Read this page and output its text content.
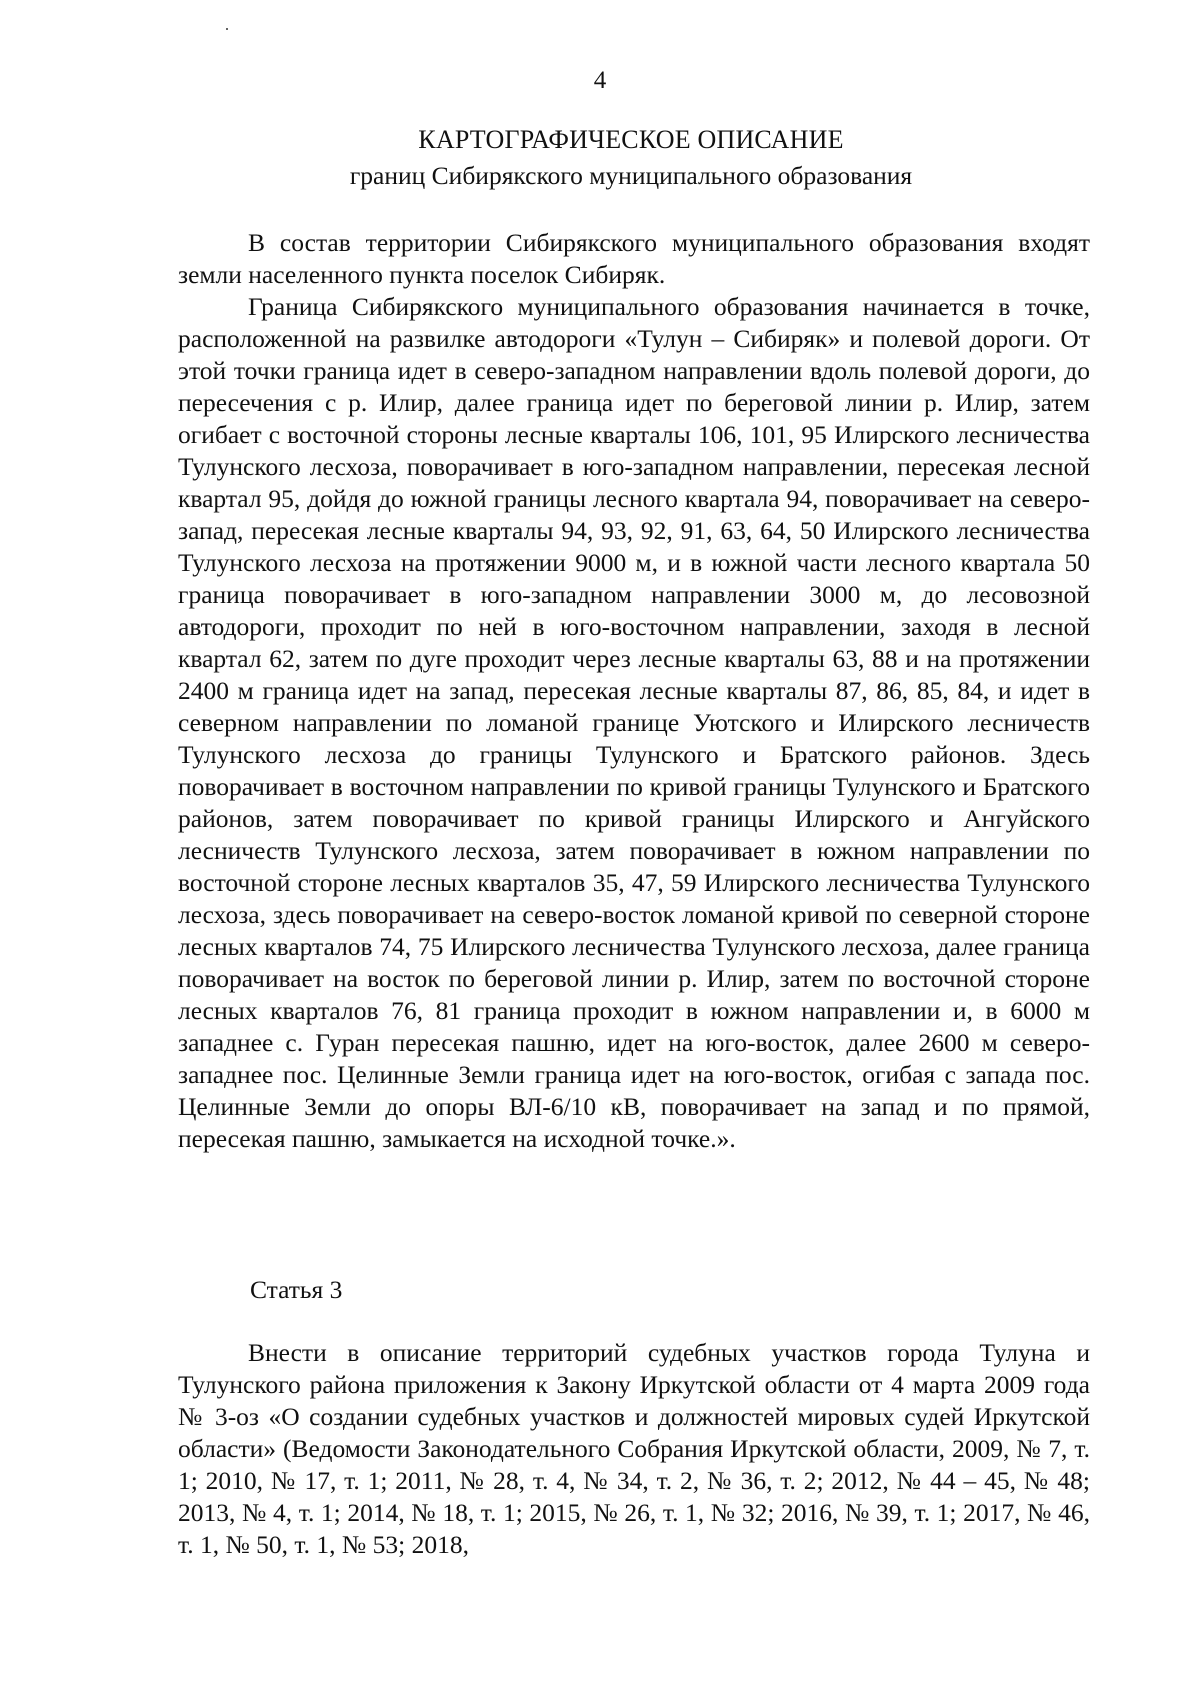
4
КАРТОГРАФИЧЕСКОЕ ОПИСАНИЕ
границ Сибирякского муниципального образования

В состав территории Сибирякского муниципального образования входят земли населенного пункта поселок Сибиряк.

Граница Сибирякского муниципального образования начинается в точке, расположенной на развилке автодороги «Тулун – Сибиряк» и полевой дороги. От этой точки граница идет в северо-западном направлении вдоль полевой дороги, до пересечения с р. Илир, далее граница идет по береговой линии р. Илир, затем огибает с восточной стороны лесные кварталы 106, 101, 95 Илирского лесничества Тулунского лесхоза, поворачивает в юго-западном направлении, пересекая лесной квартал 95, дойдя до южной границы лесного квартала 94, поворачивает на северо-запад, пересекая лесные кварталы 94, 93, 92, 91, 63, 64, 50 Илирского лесничества Тулунского лесхоза на протяжении 9000 м, и в южной части лесного квартала 50 граница поворачивает в юго-западном направлении 3000 м, до лесовозной автодороги, проходит по ней в юго-восточном направлении, заходя в лесной квартал 62, затем по дуге проходит через лесные кварталы 63, 88 и на протяжении 2400 м граница идет на запад, пересекая лесные кварталы 87, 86, 85, 84, и идет в северном направлении по ломаной границе Уютского и Илирского лесничеств Тулунского лесхоза до границы Тулунского и Братского районов. Здесь поворачивает в восточном направлении по кривой границы Тулунского и Братского районов, затем поворачивает по кривой границы Илирского и Ангуйского лесничеств Тулунского лесхоза, затем поворачивает в южном направлении по восточной стороне лесных кварталов 35, 47, 59 Илирского лесничества Тулунского лесхоза, здесь поворачивает на северо-восток ломаной кривой по северной стороне лесных кварталов 74, 75 Илирского лесничества Тулунского лесхоза, далее граница поворачивает на восток по береговой линии р. Илир, затем по восточной стороне лесных кварталов 76, 81 граница проходит в южном направлении и, в 6000 м западнее с. Гуран пересекая пашню, идет на юго-восток, далее 2600 м северо-западнее пос. Целинные Земли граница идет на юго-восток, огибая с запада пос. Целинные Земли до опоры ВЛ-6/10 кВ, поворачивает на запад и по прямой, пересекая пашню, замыкается на исходной точке.».

Статья 3

Внести в описание территорий судебных участков города Тулуна и Тулунского района приложения к Закону Иркутской области от 4 марта 2009 года № 3-оз «О создании судебных участков и должностей мировых судей Иркутской области» (Ведомости Законодательного Собрания Иркутской области, 2009, № 7, т. 1; 2010, № 17, т. 1; 2011, № 28, т. 4, № 34, т. 2, № 36, т. 2; 2012, № 44 – 45, № 48; 2013, № 4, т. 1; 2014, № 18, т. 1; 2015, № 26, т. 1, № 32; 2016, № 39, т. 1; 2017, № 46, т. 1, № 50, т. 1, № 53; 2018,
